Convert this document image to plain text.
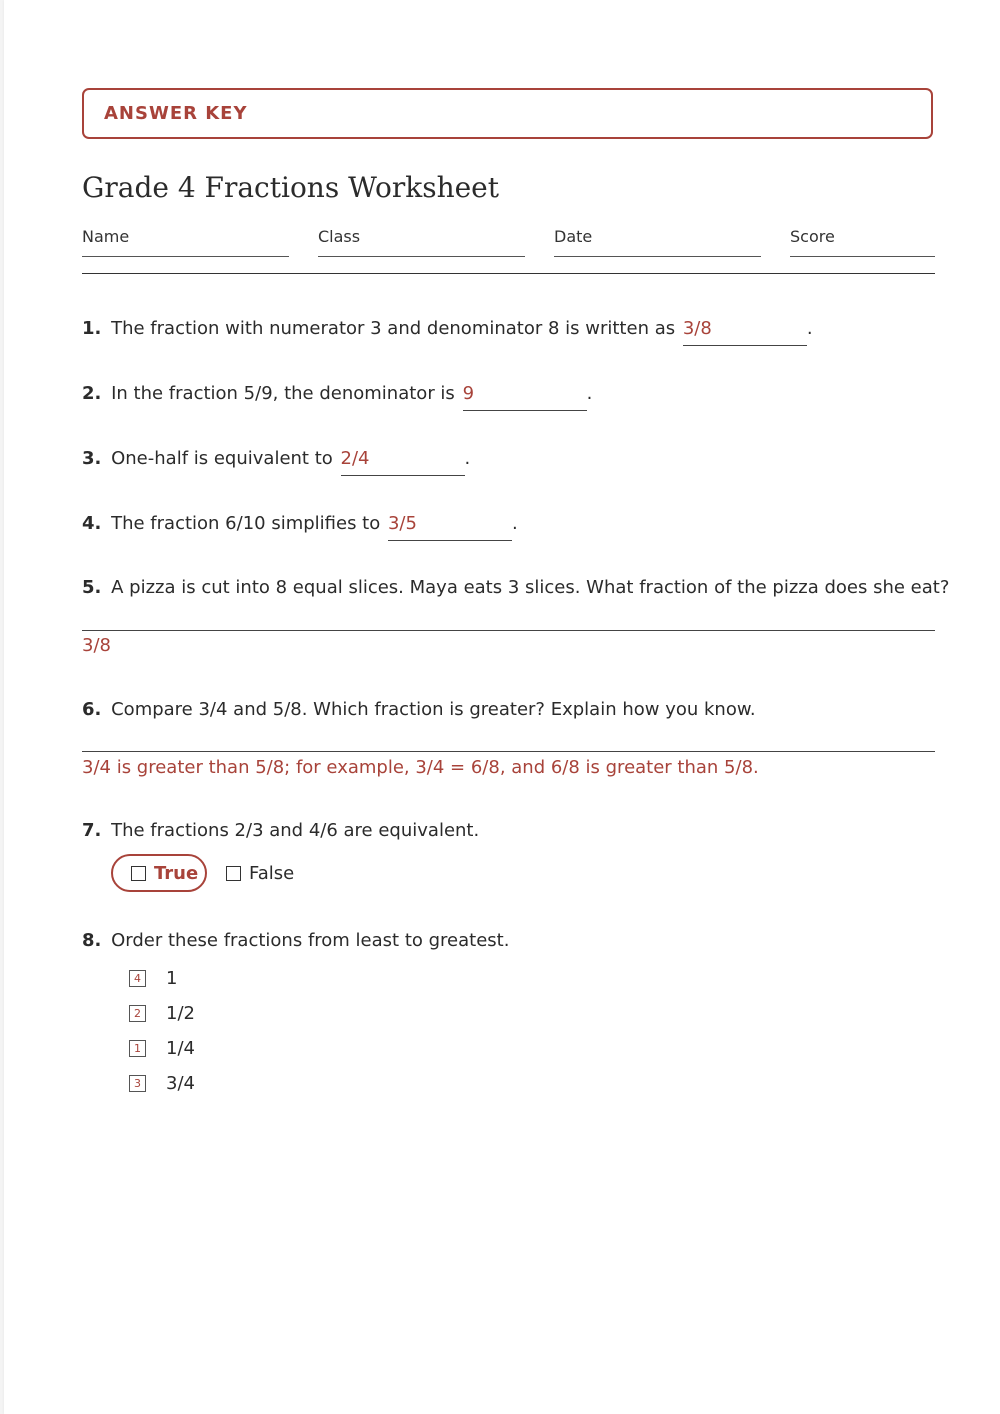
ANSWER KEY
Grade 4 Fractions Worksheet
Name	Class	Date	Score
1. The fraction with numerator 3 and denominator 8 is written as 3/8	.
2. In the fraction 5/9, the denominator is 9	.
3. One-half is equivalent to 2/4	.
4. The fraction 6/10 simplifies to 3/5	.
5. A pizza is cut into 8 equal slices. Maya eats 3 slices. What fraction of the pizza does she eat?
3/8
6. Compare 3/4 and 5/8. Which fraction is greater? Explain how you know.
3/4 is greater than 5/8; for example, 3/4 = 6/8, and 6/8 is greater than 5/8.
7. The fractions 2/3 and 4/6 are equivalent.
True	False
8. Order these fractions from least to greatest.
4 1
2 1/2
1 1/4
3 3/4
